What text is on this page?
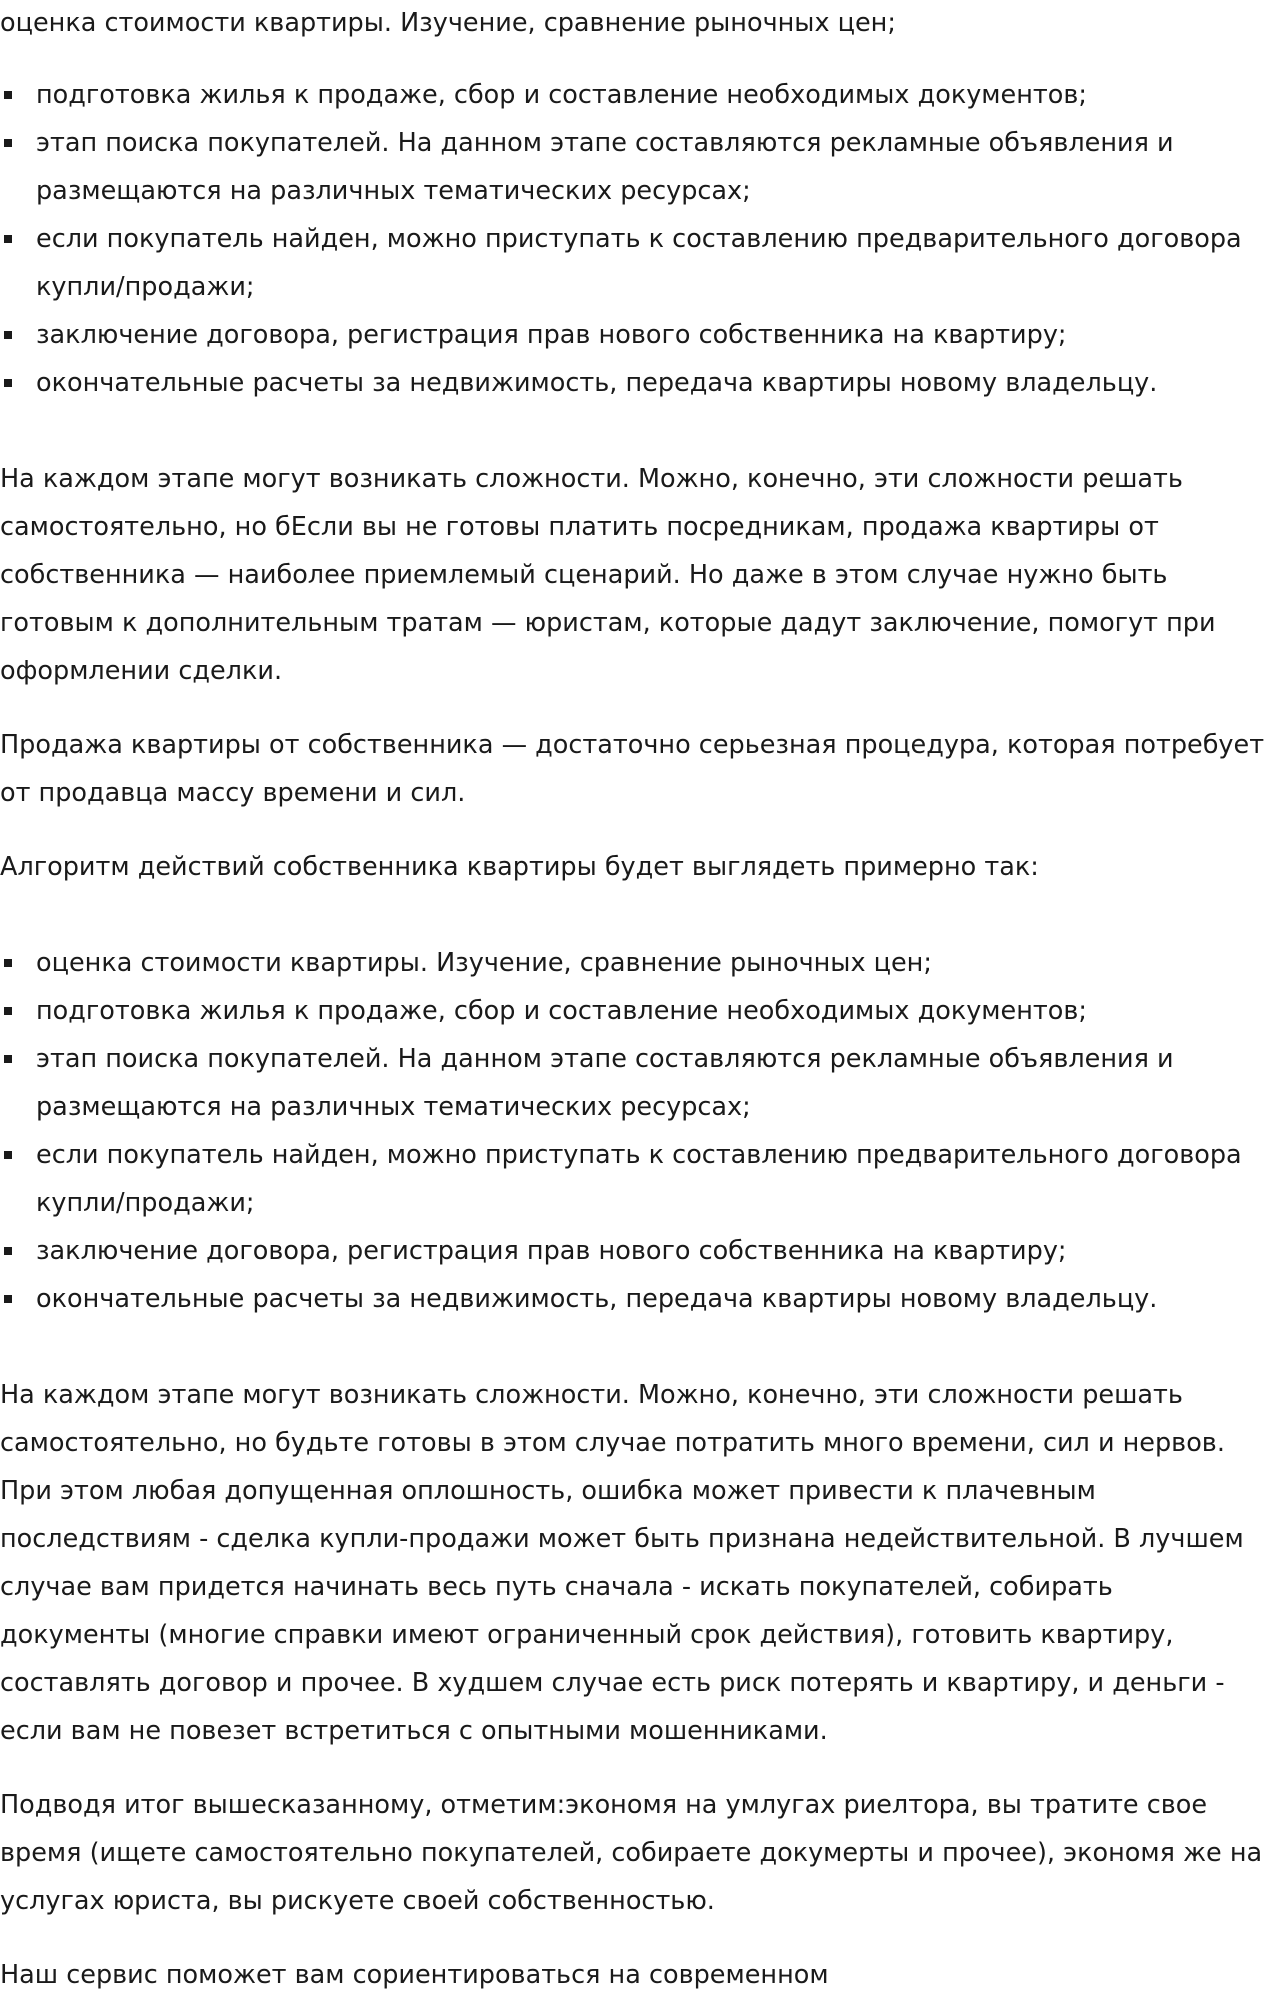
оценка стоимости квартиры. Изучение, сравнение рыночных цен;

подготовка жилья к продаже, сбор и составление необходимых документов;
этап поиска покупателей. На данном этапе составляются рекламные объявления и размещаются на различных тематических ресурсах;
если покупатель найден, можно приступать к составлению предварительного договора купли/продажи;
заключение договора, регистрация прав нового собственника на квартиру;
окончательные расчеты за недвижимость, передача квартиры новому владельцу.

На каждом этапе могут возникать сложности. Можно, конечно, эти сложности решать самостоятельно, но бЕсли вы не готовы платить посредникам, продажа квартиры от собственника — наиболее приемлемый сценарий. Но даже в этом случае нужно быть готовым к дополнительным тратам — юристам, которые дадут заключение, помогут при оформлении сделки.

Продажа квартиры от собственника — достаточно серьезная процедура, которая потребует от продавца массу времени и сил.

Алгоритм действий собственника квартиры будет выглядеть примерно так:

оценка стоимости квартиры. Изучение, сравнение рыночных цен;
подготовка жилья к продаже, сбор и составление необходимых документов;
этап поиска покупателей. На данном этапе составляются рекламные объявления и размещаются на различных тематических ресурсах;
если покупатель найден, можно приступать к составлению предварительного договора купли/продажи;
заключение договора, регистрация прав нового собственника на квартиру;
окончательные расчеты за недвижимость, передача квартиры новому владельцу.

На каждом этапе могут возникать сложности. Можно, конечно, эти сложности решать самостоятельно, но будьте готовы в этом случае потратить много времени, сил и нервов. При этом любая допущенная оплошность, ошибка может привести к плачевным последствиям - сделка купли-продажи может быть признана недействительной. В лучшем случае вам придется начинать весь путь сначала - искать покупателей, собирать документы (многие справки имеют ограниченный срок действия), готовить квартиру, составлять договор и прочее. В худшем случае есть риск потерять и квартиру, и деньги - если вам не повезет встретиться с опытными мошенниками.

Подводя итог вышесказанному, отметим:экономя на умлугах риелтора, вы тратите свое время (ищете самостоятельно покупателей, собираете докумерты и прочее), экономя же на услугах юриста, вы рискуете своей собственностью.

Наш сервис поможет вам сориентироваться на современном
